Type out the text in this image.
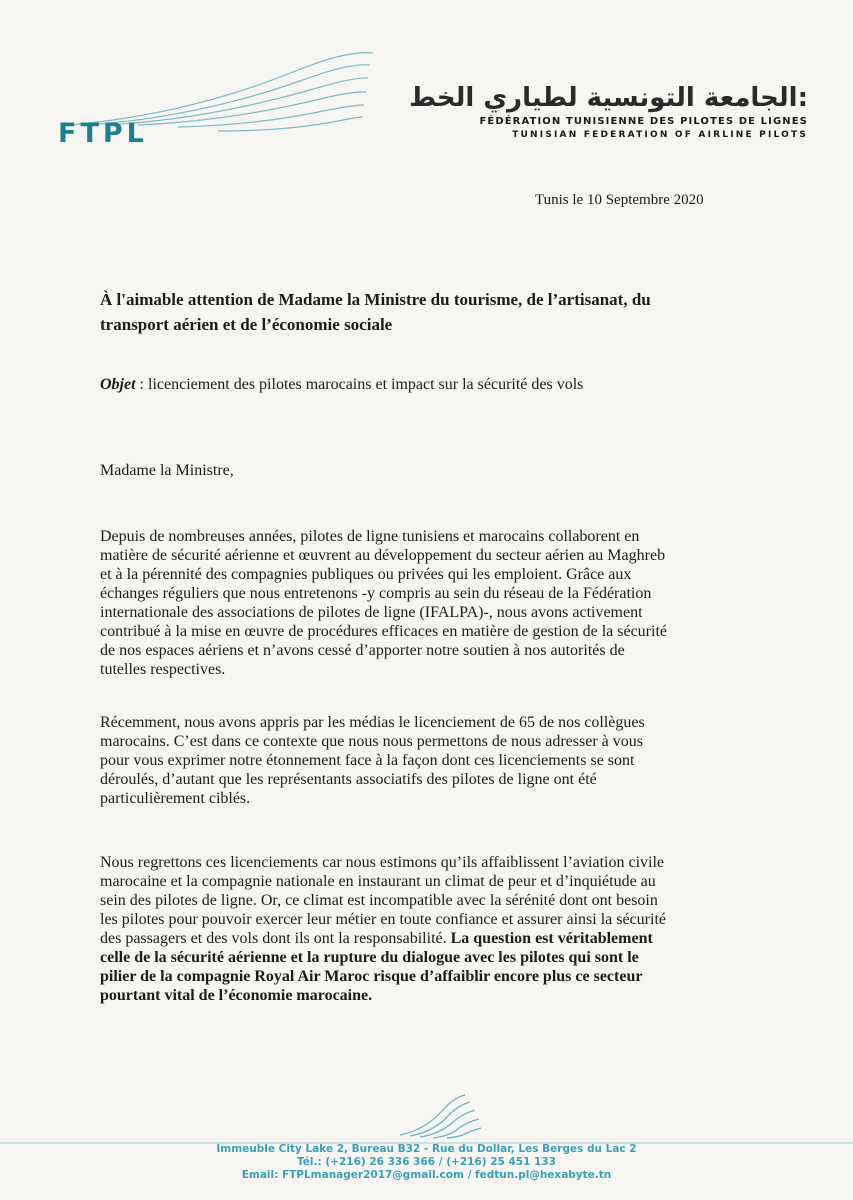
FTPL
:الجامعة التونسية لطياري الخط
FÉDÉRATION TUNISIENNE DES PILOTES DE LIGNES
TUNISIAN FEDERATION OF AIRLINE PILOTS
Tunis le 10 Septembre 2020
À l'aimable attention de Madame la Ministre du tourisme, de l’artisanat, du
transport aérien et de l’économie sociale
Objet : licenciement des pilotes marocains et impact sur la sécurité des vols
Madame la Ministre,
Depuis de nombreuses années, pilotes de ligne tunisiens et marocains collaborent en
matière de sécurité aérienne et œuvrent au développement du secteur aérien au Maghreb
et à la pérennité des compagnies publiques ou privées qui les emploient. Grâce aux
échanges réguliers que nous entretenons -y compris au sein du réseau de la Fédération
internationale des associations de pilotes de ligne (IFALPA)-, nous avons activement
contribué à la mise en œuvre de procédures efficaces en matière de gestion de la sécurité
de nos espaces aériens et n’avons cessé d’apporter notre soutien à nos autorités de
tutelles respectives.
Récemment, nous avons appris par les médias le licenciement de 65 de nos collègues
marocains. C’est dans ce contexte que nous nous permettons de nous adresser à vous
pour vous exprimer notre étonnement face à la façon dont ces licenciements se sont
déroulés, d’autant que les représentants associatifs des pilotes de ligne ont été
particulièrement ciblés.
Nous regrettons ces licenciements car nous estimons qu’ils affaiblissent l’aviation civile
marocaine et la compagnie nationale en instaurant un climat de peur et d’inquiétude au
sein des pilotes de ligne. Or, ce climat est incompatible avec la sérénité dont ont besoin
les pilotes pour pouvoir exercer leur métier en toute confiance et assurer ainsi la sécurité
des passagers et des vols dont ils ont la responsabilité. La question est véritablement
celle de la sécurité aérienne et la rupture du dialogue avec les pilotes qui sont le
pilier de la compagnie Royal Air Maroc risque d’affaiblir encore plus ce secteur
pourtant vital de l’économie marocaine.
Immeuble City Lake 2, Bureau B32 - Rue du Dollar, Les Berges du Lac 2
Tél.: (+216) 26 336 366 / (+216) 25 451 133
Email: FTPLmanager2017@gmail.com / fedtun.pl@hexabyte.tn
